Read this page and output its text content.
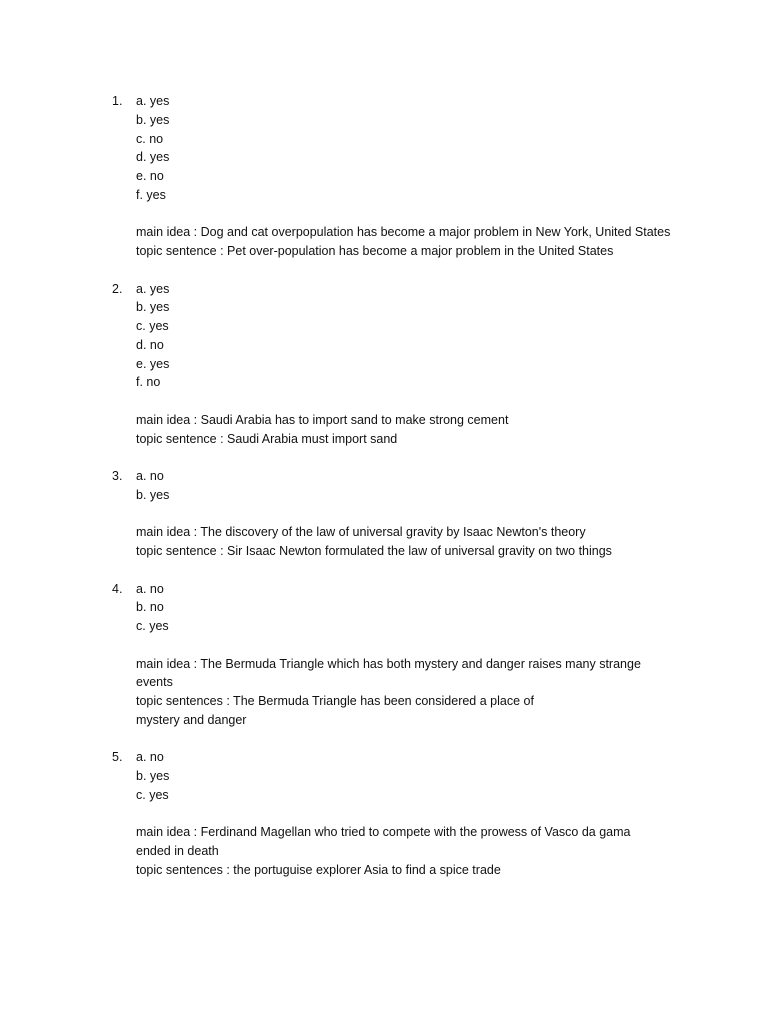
1.	a. yes
b. yes
c. no
d. yes
e. no
f. yes
main idea : Dog and cat overpopulation has become a major problem in New York, United States
topic sentence : Pet over-population has become a major problem in the United States
2.	a. yes
b. yes
c. yes
d. no
e. yes
f. no
main idea : Saudi Arabia has to import sand to make strong cement
topic sentence : Saudi Arabia must import sand
3.	a. no
b. yes
main idea : The discovery of the law of universal gravity by Isaac Newton's theory
topic sentence : Sir Isaac Newton formulated the law of universal gravity on two things
4.	a. no
b. no
c. yes
main idea : The Bermuda Triangle which has both mystery and danger raises many strange
events
topic sentences : The Bermuda Triangle has been considered a place of
mystery and danger
5.	a. no
b. yes
c. yes
main idea : Ferdinand Magellan who tried to compete with the prowess of Vasco da gama
ended in death
topic sentences : the portuguise explorer Asia to find a spice trade
